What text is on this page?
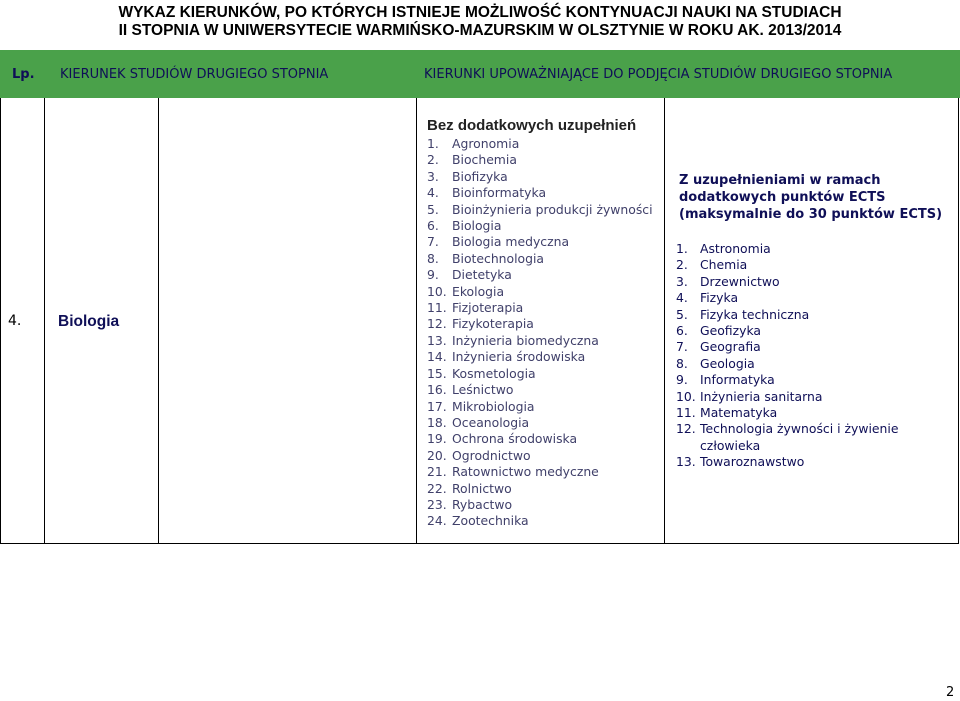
WYKAZ KIERUNKÓW, PO KTÓRYCH ISTNIEJE MOŻLIWOŚĆ KONTYNUACJI NAUKI NA STUDIACH
II STOPNIA W UNIWERSYTECIE WARMIŃSKO-MAZURSKIM W OLSZTYNIE W ROKU AK. 2013/2014
Lp. KIERUNEK STUDIÓW DRUGIEGO STOPNIA	KIERUNKI UPOWAŻNIAJĄCE DO PODJĘCIA STUDIÓW DRUGIEGO STOPNIA
4. Biologia
Bez dodatkowych uzupełnień
1. Agronomia
2. Biochemia
3. Biofizyka
4. Bioinformatyka
5. Bioinżynieria produkcji żywności
6. Biologia
7. Biologia medyczna
8. Biotechnologia
9. Dietetyka
10. Ekologia
11. Fizjoterapia
12. Fizykoterapia
13. Inżynieria biomedyczna
14. Inżynieria środowiska
15. Kosmetologia
16. Leśnictwo
17. Mikrobiologia
18. Oceanologia
19. Ochrona środowiska
20. Ogrodnictwo
21. Ratownictwo medyczne
22. Rolnictwo
23. Rybactwo
24. Zootechnika
Z uzupełnieniami w ramach
dodatkowych punktów ECTS
(maksymalnie do 30 punktów ECTS)
1. Astronomia
2. Chemia
3. Drzewnictwo
4. Fizyka
5. Fizyka techniczna
6. Geofizyka
7. Geografia
8. Geologia
9. Informatyka
10. Inżynieria sanitarna
11. Matematyka
12. Technologia żywności i żywienie człowieka
13. Towaroznawstwo
2
